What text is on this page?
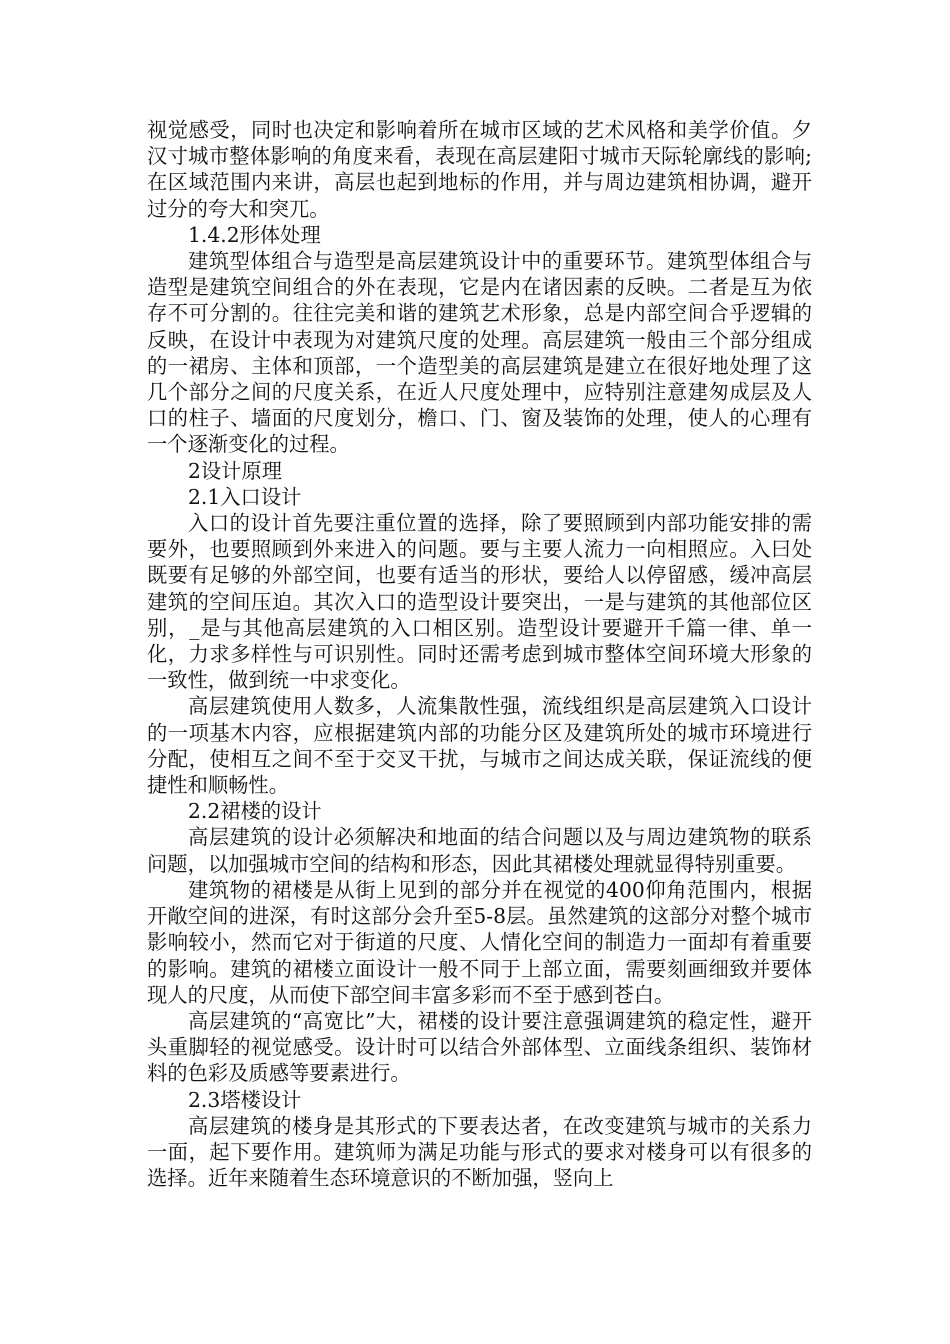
视觉感受，同时也决定和影响着所在城市区域的艺术风格和美学价值。夕汉寸城市整体影响的角度来看，表现在高层建阳寸城市天际轮廓线的影响;在区域范围内来讲，高层也起到地标的作用，并与周边建筑相协调，避开过分的夸大和突兀。

1.4.2形体处理

建筑型体组合与造型是高层建筑设计中的重要环节。建筑型体组合与造型是建筑空间组合的外在表现，它是内在诸因素的反映。二者是互为依存不可分割的。往往完美和谐的建筑艺术形象，总是内部空间合乎逻辑的反映，在设计中表现为对建筑尺度的处理。高层建筑一般由三个部分组成的一裙房、主体和顶部，一个造型美的高层建筑是建立在很好地处理了这几个部分之间的尺度关系，在近人尺度处理中，应特别注意建匆成层及人口的柱子、墙面的尺度划分，檐口、门、窗及装饰的处理，使人的心理有一个逐渐变化的过程。

2设计原理

2.1入口设计

入口的设计首先要注重位置的选择，除了要照顾到内部功能安排的需要外，也要照顾到外来进入的问题。要与主要人流力一向相照应。入曰处既要有足够的外部空间，也要有适当的形状，要给人以停留感，缓冲高层建筑的空间压迫。其次入口的造型设计要突出，一是与建筑的其他部位区别，_是与其他高层建筑的入口相区别。造型设计要避开千篇一律、单一化，力求多样性与可识别性。同时还需考虑到城市整体空间环境大形象的一致性，做到统一中求变化。

高层建筑使用人数多，人流集散性强，流线组织是高层建筑入口设计的一项基木内容，应根据建筑内部的功能分区及建筑所处的城市环境进行分配，使相互之间不至于交叉干扰，与城市之间达成关联，保证流线的便捷性和顺畅性。

2.2裙楼的设计

高层建筑的设计必须解决和地面的结合问题以及与周边建筑物的联系问题，以加强城市空间的结构和形态，因此其裙楼处理就显得特别重要。

建筑物的裙楼是从街上见到的部分并在视觉的400仰角范围内，根据开敞空间的进深，有时这部分会升至5-8层。虽然建筑的这部分对整个城市影响较小，然而它对于街道的尺度、人情化空间的制造力一面却有着重要的影响。建筑的裙楼立面设计一般不同于上部立面，需要刻画细致并要体现人的尺度，从而使下部空间丰富多彩而不至于感到苍白。

高层建筑的“高宽比”大，裙楼的设计要注意强调建筑的稳定性，避开头重脚轻的视觉感受。设计时可以结合外部体型、立面线条组织、装饰材料的色彩及质感等要素进行。

2.3塔楼设计

高层建筑的楼身是其形式的下要表达者，在改变建筑与城市的关系力一面，起下要作用。建筑师为满足功能与形式的要求对楼身可以有很多的选择。近年来随着生态环境意识的不断加强，竖向上
